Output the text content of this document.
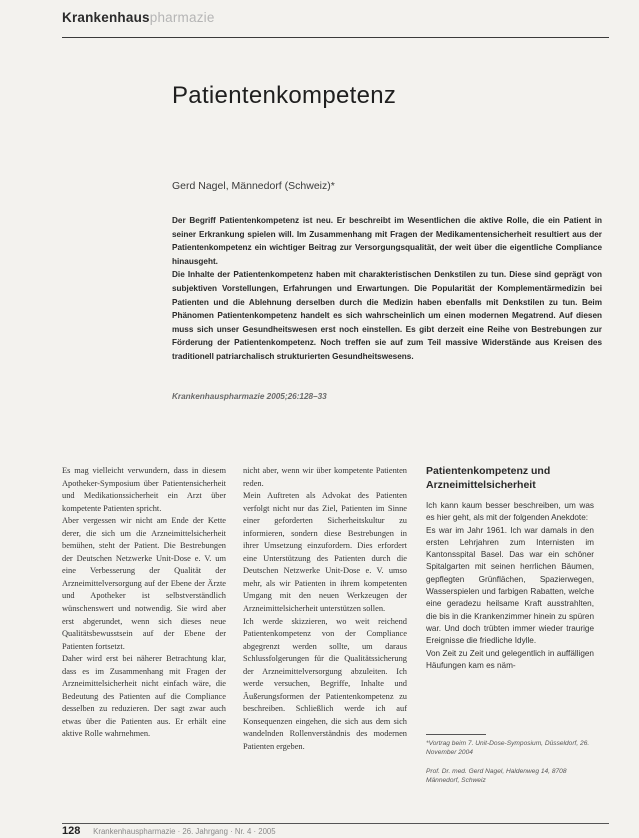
Krankenhauspharmazie
Patientenkompetenz
Gerd Nagel, Männedorf (Schweiz)*

Der Begriff Patientenkompetenz ist neu. Er beschreibt im Wesentlichen die aktive Rolle, die ein Patient in seiner Erkrankung spielen will. Im Zusammenhang mit Fragen der Medikamentensicherheit resultiert aus der Patientenkompetenz ein wichtiger Beitrag zur Versorgungsqualität, der weit über die eigentliche Compliance hinausgeht.

Die Inhalte der Patientenkompetenz haben mit charakteristischen Denkstilen zu tun. Diese sind geprägt von subjektiven Vorstellungen, Erfahrungen und Erwartungen. Die Popularität der Komplementärmedizin bei Patienten und die Ablehnung derselben durch die Medizin haben ebenfalls mit Denkstilen zu tun. Beim Phänomen Patientenkompetenz handelt es sich wahrscheinlich um einen modernen Megatrend. Auf diesen muss sich unser Gesundheitswesen erst noch einstellen. Es gibt derzeit eine Reihe von Bestrebungen zur Förderung der Patientenkompetenz. Noch treffen sie auf zum Teil massive Widerstände aus Kreisen des traditionell patriarchalisch strukturierten Gesundheitswesens.

Krankenhauspharmazie 2005;26:128–33

Es mag vielleicht verwundern, dass in diesem Apotheker-Symposium über Patientensicherheit und Medikationssicherheit ein Arzt über kompetente Patienten spricht.

Aber vergessen wir nicht am Ende der Kette derer, die sich um die Arzneimittelsicherheit bemühen, steht der Patient. Die Bestrebungen der Deutschen Netzwerke Unit-Dose e. V. um eine Verbesserung der Qualität der Arzneimittelversorgung auf der Ebene der Ärzte und Apotheker ist selbstverständlich wünschenswert und notwendig. Sie wird aber erst abgerundet, wenn sich dieses neue Qualitätsbewusstsein auf der Ebene der Patienten fortsetzt.

Daher wird erst bei näherer Betrachtung klar, dass es im Zusammenhang mit Fragen der Arzneimittelsicherheit nicht einfach wäre, die Bedeutung des Patienten auf die Compliance desselben zu reduzieren. Der sagt zwar auch etwas über die Patienten aus. Er erhält eine aktive Rolle wahrnehmen.

nicht aber, wenn wir über kompetente Patienten reden.

Mein Auftreten als Advokat des Patienten verfolgt nicht nur das Ziel, Patienten im Sinne einer geforderten Sicherheitskultur zu informieren, sondern diese Bestrebungen in ihrer Umsetzung einzufordern. Dies erfordert eine Unterstützung des Patienten durch die Deutschen Netzwerke Unit-Dose e. V. umso mehr, als wir Patienten in ihrem kompetenten Umgang mit den neuen Werkzeugen der Arzneimittelsicherheit unterstützen sollen.

Ich werde skizzieren, wo weit reichend Patientenkompetenz von der Compliance abgegrenzt werden sollte, um daraus Schlussfolgerungen für die Qualitätssicherung der Arzneimittelversorgung abzuleiten. Ich werde versuchen, Begriffe, Inhalte und Äußerungsformen der Patientenkompetenz zu beschreiben. Schließlich werde ich auf Konsequenzen eingehen, die sich aus dem sich wandelnden Rollenverständnis des modernen Patienten ergeben.

Patientenkompetenz und Arzneimittelsicherheit

Ich kann kaum besser beschreiben, um was es hier geht, als mit der folgenden Anekdote:

Es war im Jahr 1961. Ich war damals in den ersten Lehrjahren zum Internisten im Kantonsspital Basel. Das war ein schöner Spitalgarten mit seinen herrlichen Bäumen, gepflegten Grünflächen, Spazierwegen, Wasserspielen und farbigen Rabatten, welche eine geradezu heilsame Kraft ausstrahlten, die bis in die Krankenzimmer hinein zu spüren war. Und doch trübten immer wieder traurige Ereignisse die friedliche Idylle.

Von Zeit zu Zeit und gelegentlich in auffälligen Häufungen kam es näm-

*Vortrag beim 7. Unit-Dose-Symposium, Düsseldorf, 26. November 2004
Prof. Dr. med. Gerd Nagel, Haldenweg 14, 8708 Männedorf, Schweiz
128 Krankenhauspharmazie · 26. Jahrgang · Nr. 4 · 2005
